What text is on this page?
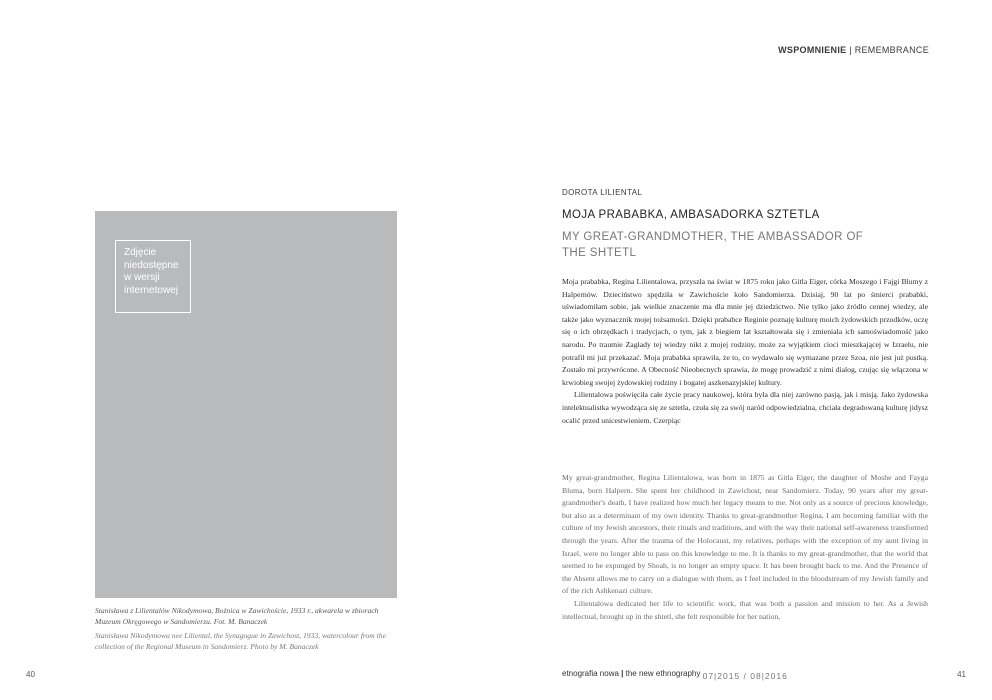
WSPOMNIENIE | REMEMBRANCE
Zdjęcie
niedostępne
w wersji
internetowej
Stanisława z Lilientalów Nikodymowa, Bożnica w Zawichoście, 1933 r., akwarela w zbiorach Muzeum Okręgowego w Sandomierzu. Fot. M. Banaczek
Stanisława Nikodymowa nee Liliental, the Synagogue in Zawichost, 1933, watercolour from the collection of the Regional Museum in Sandomierz. Photo by M. Banaczek
DOROTA LILIENTAL
MOJA PRABABKA, AMBASADORKA SZTETLA
MY GREAT-GRANDMOTHER, THE AMBASSADOR OF THE SHTETL

Moja prababka, Regina Lilientalowa, przyszła na świat w 1875 roku jako Gitla Eiger, córka Moszego i Fajgi Blumy z Halpernów. Dzieciństwo spędziła w Zawichoście koło Sandomierza. Dzisiaj, 90 lat po śmierci prababki, uświadomiłam sobie, jak wielkie znaczenie ma dla mnie jej dziedzictwo. Nie tylko jako źródło cennej wiedzy, ale także jako wyznacznik mojej tożsamości. Dzięki prababce Reginie poznaję kulturę moich żydowskich przodków, uczę się o ich obrzędkach i tradycjach, o tym, jak z biegiem lat kształtowała się i zmieniała ich samoświadomość jako narodu. Po traumie Zagłady tej wiedzy nikt z mojej rodziny, może za wyjątkiem cioci mieszkającej w Izraelu, nie potrafił mi już przekazać. Moja prababka sprawiła, że to, co wydawało się wymazane przez Szoa, nie jest już pustką. Zostało mi przywrócone. A Obecność Nieobecnych sprawia, że mogę prowadzić z nimi dialog, czując się włączona w krwiobieg swojej żydowskiej rodziny i bogatej aszkenazyjskiej kultury.

Lilientalowa poświęciła całe życie pracy naukowej, która była dla niej zarówno pasją, jak i misją. Jako żydowska intelektualistka wywodząca się ze sztetla, czuła się za swój naród odpowiedzialna, chciała degradowaną kulturę jidysz ocalić przed unicestwieniem. Czerpiąc

My great-grandmother, Regina Lilientalowa, was born in 1875 as Gitla Eiger, the daughter of Moshe and Fayga Bluma, born Halpern. She spent her childhood in Zawichost, near Sandomierz. Today, 90 years after my great-grandmother's death, I have realized how much her legacy means to me. Not only as a source of precious knowledge, but also as a determinant of my own identity. Thanks to great-grandmother Regina, I am becoming familiar with the culture of my Jewish ancestors, their rituals and traditions, and with the way their national self-awareness transformed through the years. After the trauma of the Holocaust, my relatives, perhaps with the exception of my aunt living in Israel, were no longer able to pass on this knowledge to me. It is thanks to my great-grandmother, that the world that seemed to be expunged by Shoah, is no longer an empty space. It has been brought back to me. And the Presence of the Absent allows me to carry on a dialogue with them, as I feel included in the bloodstream of my Jewish family and of the rich Ashkenazi culture.

Lilientalowa dedicated her life to scientific work, that was both a passion and mission to her. As a Jewish intellectual, brought up in the shtetl, she felt responsible for her nation,

40	41
etnografia nowa | the new ethnography 07|2015 / 08|2016
